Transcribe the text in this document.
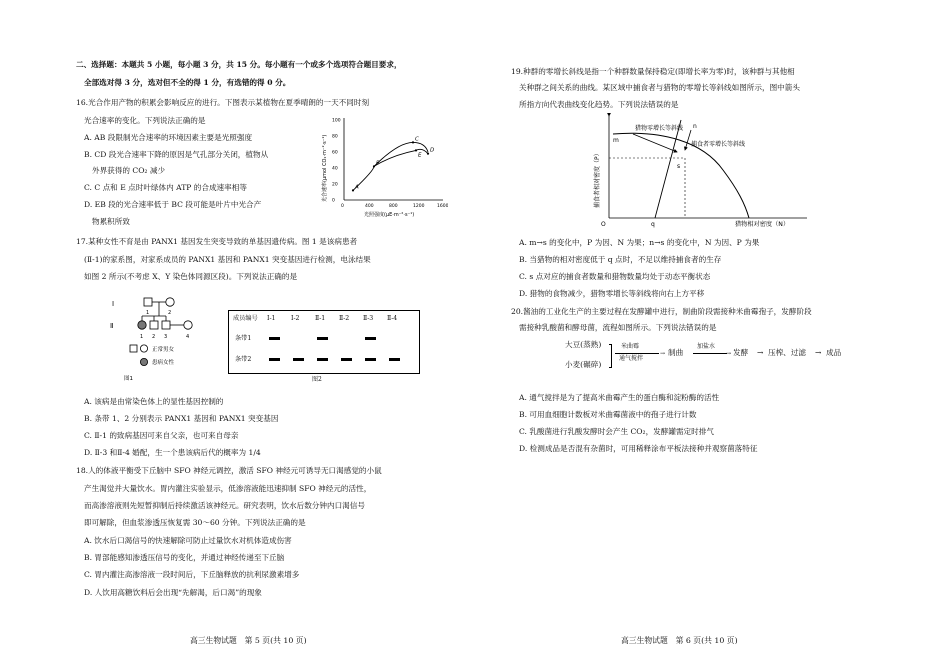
二、选择题：本题共 5 小题，每小题 3 分，共 15 分。每小题有一个或多个选项符合题目要求，
全部选对得 3 分，选对但不全的得 1 分，有选错的得 0 分。
16.光合作用产物的积累会影响反应的进行。下图表示某植物在夏季晴朗的一天不同时刻
光合速率的变化。下列说法正确的是
A. AB 段限制光合速率的环境因素主要是光照强度
B. CD 段光合速率下降的原因是气孔部分关闭，植物从
外界获得的 CO₂ 减少
C. C 点和 E 点时叶绿体内 ATP 的合成速率相等
D. EB 段的光合速率低于 BC 段可能是叶片中光合产
物累积所致
光合速率(μmol CO₂·m⁻²·s⁻¹)
光照强度(μE·m⁻²·s⁻¹)
0	400	800	1200	1600
0
20
40
60
80
100
A
B
C
D
E
17.某种女性不育是由 PANX1 基因发生突变导致的单基因遗传病。图 1 是该病患者
(Ⅱ-1)的家系图，对家系成员的 PANX1 基因和 PANX1 突变基因进行检测，电泳结果
如图 2 所示(不考虑 X、Y 染色体同源区段)。下列说法正确的是
Ⅰ
Ⅱ
1	2
1 2 3	4
正常男女
患病女性
图1
成员编号 Ⅰ-1	Ⅰ-2	Ⅱ-1 Ⅱ-2 Ⅱ-3 Ⅱ-4
条带1
条带2
图2
A. 该病是由常染色体上的显性基因控制的
B. 条带 1、2 分别表示 PANX1 基因和 PANX1 突变基因
C. Ⅱ-1 的致病基因可来自父亲，也可来自母亲
D. Ⅱ-3 和Ⅱ-4 婚配，生一个患该病后代的概率为 1/4
18.人的体液平衡受下丘脑中 SFO 神经元调控，激活 SFO 神经元可诱导无口渴感觉的小鼠
产生渴觉并大量饮水。胃内灌注实验显示，低渗溶液能迅速抑制 SFO 神经元的活性，
而高渗溶液则先短暂抑制后持续激活该神经元。研究表明，饮水后数分钟内口渴信号
即可解除，但血浆渗透压恢复需 30～60 分钟。下列说法正确的是
A. 饮水后口渴信号的快速解除可防止过量饮水对机体造成伤害
B. 胃部能感知渗透压信号的变化，并通过神经传递至下丘脑
C. 胃内灌注高渗溶液一段时间后，下丘脑释放的抗利尿激素增多
D. 人饮用高糖饮料后会出现“先解渴，后口渴”的现象
高三生物试题　第 5 页(共 10 页)
19.种群的零增长斜线是指一个种群数量保持稳定(即增长率为零)时，该种群与其他相
关种群之间关系的曲线。某区域中捕食者与猎物的零增长等斜线如图所示，图中箭头
所指方向代表曲线变化趋势。下列说法错误的是
捕食者相对密度（P）
猎物相对密度（N）
O
猎物零增长等斜线
捕食者零增长等斜线
m
s
n
q
A. m→s 的变化中，P 为因、N 为果；n→s 的变化中，N 为因、P 为果
B. 当猎物的相对密度低于 q 点时，不足以维持捕食者的生存
C. s 点对应的捕食者数量和猎物数量均处于动态平衡状态
D. 猎物的食物减少，猎物零增长等斜线将向右上方平移
20.酱油的工业化生产的主要过程在发酵罐中进行，制曲阶段需接种米曲霉孢子，发酵阶段
需接种乳酸菌和酵母菌，流程如图所示。下列说法错误的是
大豆(蒸熟)
小麦(碾碎)
米曲霉
→
通气搅拌
制曲
加盐水
→ 发酵 → 压榨、过滤 → 成品
A. 通气搅拌是为了提高米曲霉产生的蛋白酶和淀粉酶的活性
B. 可用血细胞计数板对米曲霉菌液中的孢子进行计数
C. 乳酸菌进行乳酸发酵时会产生 CO₂，发酵罐需定时排气
D. 检测成品是否混有杂菌时，可用稀释涂布平板法接种并观察菌落特征
高三生物试题　第 6 页(共 10 页)
